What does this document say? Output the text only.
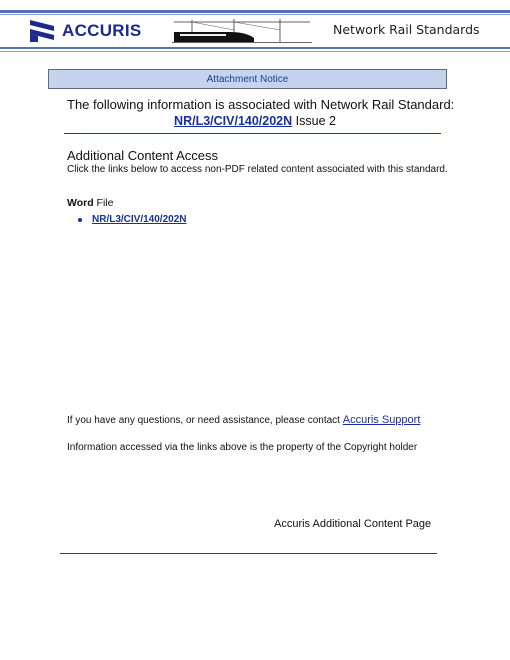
ACCURIS	Network Rail Standards
Attachment Notice
The following information is associated with Network Rail Standard:
NR/L3/CIV/140/202N Issue 2
Additional Content Access
Click the links below to access non-PDF related content associated with this standard.
Word File
NR/L3/CIV/140/202N
If you have any questions, or need assistance, please contact Accuris Support
Information accessed via the links above is the property of the Copyright holder
Accuris Additional Content Page
